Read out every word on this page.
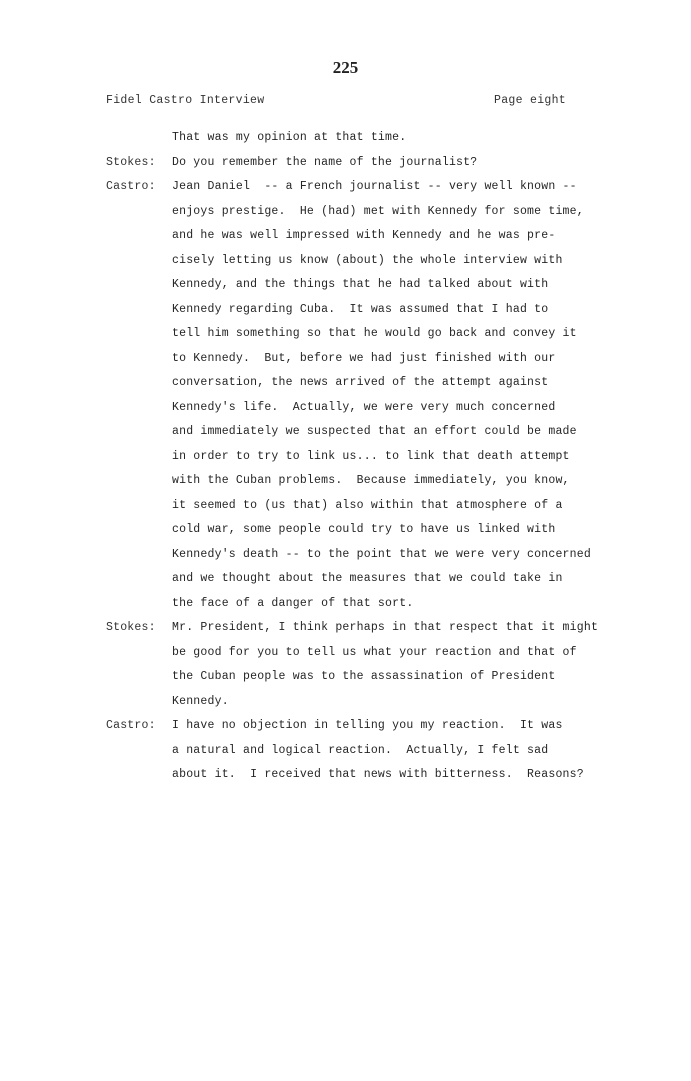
225
Fidel Castro Interview	Page eight
That was my opinion at that time.
Stokes: Do you remember the name of the journalist?
Castro: Jean Daniel  -- a French journalist -- very well known --
enjoys prestige.  He (had) met with Kennedy for some time,
and he was well impressed with Kennedy and he was pre-
cisely letting us know (about) the whole interview with
Kennedy, and the things that he had talked about with
Kennedy regarding Cuba.  It was assumed that I had to
tell him something so that he would go back and convey it
to Kennedy.  But, before we had just finished with our
conversation, the news arrived of the attempt against
Kennedy's life.  Actually, we were very much concerned
and immediately we suspected that an effort could be made
in order to try to link us... to link that death attempt
with the Cuban problems.  Because immediately, you know,
it seemed to (us that) also within that atmosphere of a
cold war, some people could try to have us linked with
Kennedy's death -- to the point that we were very concerned
and we thought about the measures that we could take in
the face of a danger of that sort.
Stokes: Mr. President, I think perhaps in that respect that it might
be good for you to tell us what your reaction and that of
the Cuban people was to the assassination of President
Kennedy.
Castro: I have no objection in telling you my reaction.  It was
a natural and logical reaction.  Actually, I felt sad
about it.  I received that news with bitterness.  Reasons?
